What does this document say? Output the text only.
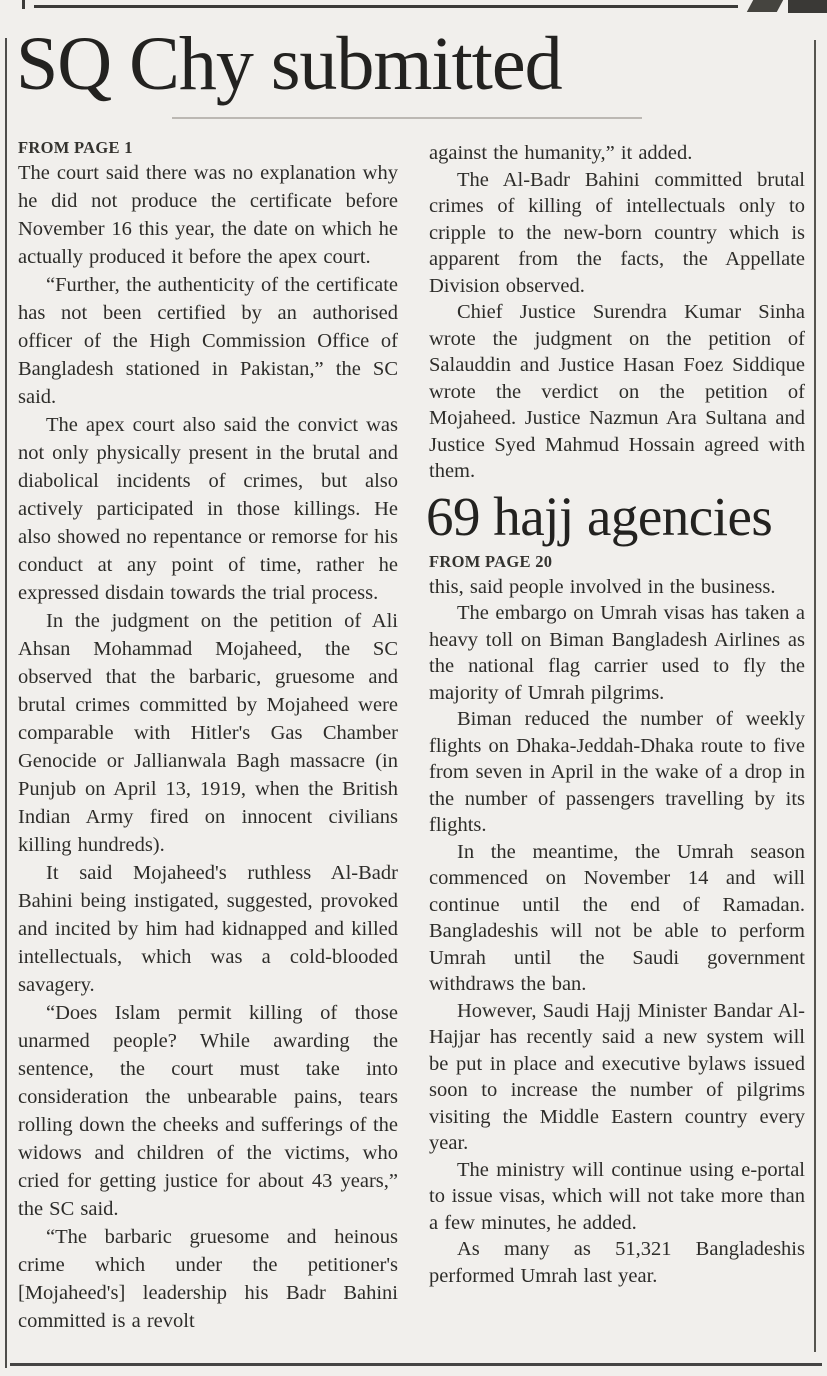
SQ Chy submitted
FROM PAGE 1

The court said there was no explanation why he did not produce the certificate before November 16 this year, the date on which he actually produced it before the apex court.

“Further, the authenticity of the certificate has not been certified by an authorised officer of the High Commission Office of Bangladesh stationed in Pakistan,” the SC said.

The apex court also said the convict was not only physically present in the brutal and diabolical incidents of crimes, but also actively participated in those killings. He also showed no repentance or remorse for his conduct at any point of time, rather he expressed disdain towards the trial process.

In the judgment on the petition of Ali Ahsan Mohammad Mojaheed, the SC observed that the barbaric, gruesome and brutal crimes committed by Mojaheed were comparable with Hitler's Gas Chamber Genocide or Jallianwala Bagh massacre (in Punjub on April 13, 1919, when the British Indian Army fired on innocent civilians killing hundreds).

It said Mojaheed's ruthless Al-Badr Bahini being instigated, suggested, provoked and incited by him had kidnapped and killed intellectuals, which was a cold-blooded savagery.

“Does Islam permit killing of those unarmed people? While awarding the sentence, the court must take into consideration the unbearable pains, tears rolling down the cheeks and sufferings of the widows and children of the victims, who cried for getting justice for about 43 years,” the SC said.

“The barbaric gruesome and heinous crime which under the petitioner's [Mojaheed's] leadership his Badr Bahini committed is a revolt

against the humanity,” it added.

The Al-Badr Bahini committed brutal crimes of killing of intellectuals only to cripple to the new-born country which is apparent from the facts, the Appellate Division observed.

Chief Justice Surendra Kumar Sinha wrote the judgment on the petition of Salauddin and Justice Hasan Foez Siddique wrote the verdict on the petition of Mojaheed. Justice Nazmun Ara Sultana and Justice Syed Mahmud Hossain agreed with them.

69 hajj agencies
FROM PAGE 20

this, said people involved in the business.

The embargo on Umrah visas has taken a heavy toll on Biman Bangladesh Airlines as the national flag carrier used to fly the majority of Umrah pilgrims.

Biman reduced the number of weekly flights on Dhaka-Jeddah-Dhaka route to five from seven in April in the wake of a drop in the number of passengers travelling by its flights.

In the meantime, the Umrah season commenced on November 14 and will continue until the end of Ramadan. Bangladeshis will not be able to perform Umrah until the Saudi government withdraws the ban.

However, Saudi Hajj Minister Bandar Al-Hajjar has recently said a new system will be put in place and executive bylaws issued soon to increase the number of pilgrims visiting the Middle Eastern country every year.

The ministry will continue using e-portal to issue visas, which will not take more than a few minutes, he added.

As many as 51,321 Bangladeshis performed Umrah last year.
